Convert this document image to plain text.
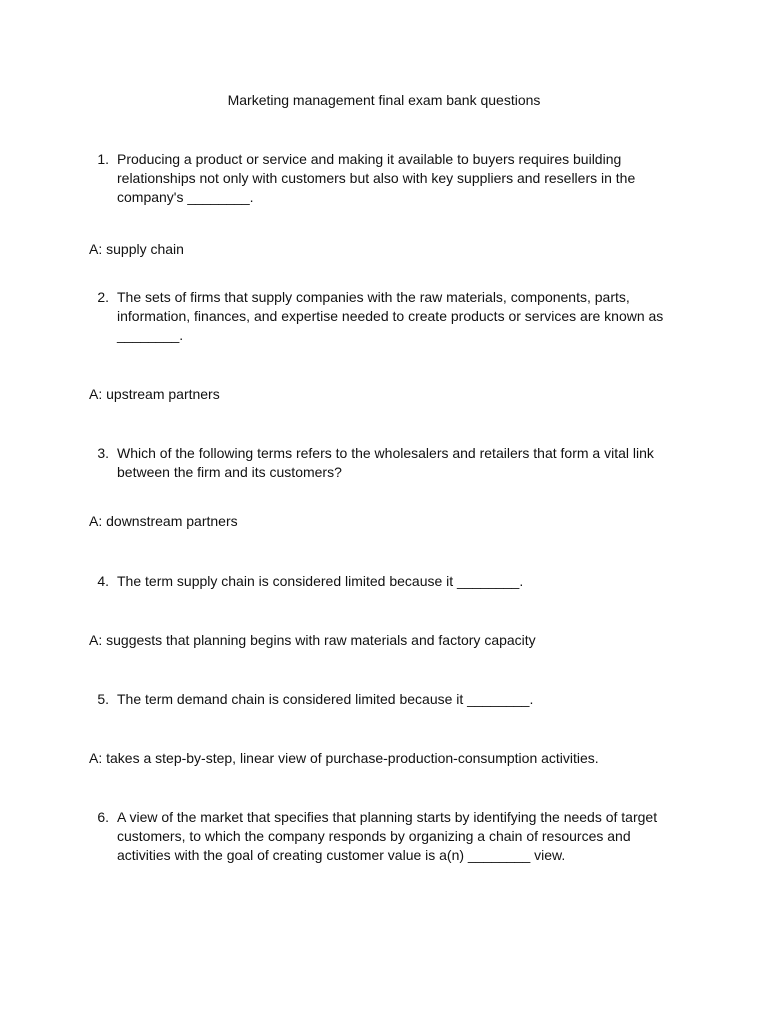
Marketing management final exam bank questions
1. Producing a product or service and making it available to buyers requires building relationships not only with customers but also with key suppliers and resellers in the company's ________.
A: supply chain
2. The sets of firms that supply companies with the raw materials, components, parts, information, finances, and expertise needed to create products or services are known as ________.
A: upstream partners
3. Which of the following terms refers to the wholesalers and retailers that form a vital link between the firm and its customers?
A: downstream partners
4. The term supply chain is considered limited because it ________.
A: suggests that planning begins with raw materials and factory capacity
5. The term demand chain is considered limited because it ________.
A: takes a step-by-step, linear view of purchase-production-consumption activities.
6. A view of the market that specifies that planning starts by identifying the needs of target customers, to which the company responds by organizing a chain of resources and activities with the goal of creating customer value is a(n) ________ view.
